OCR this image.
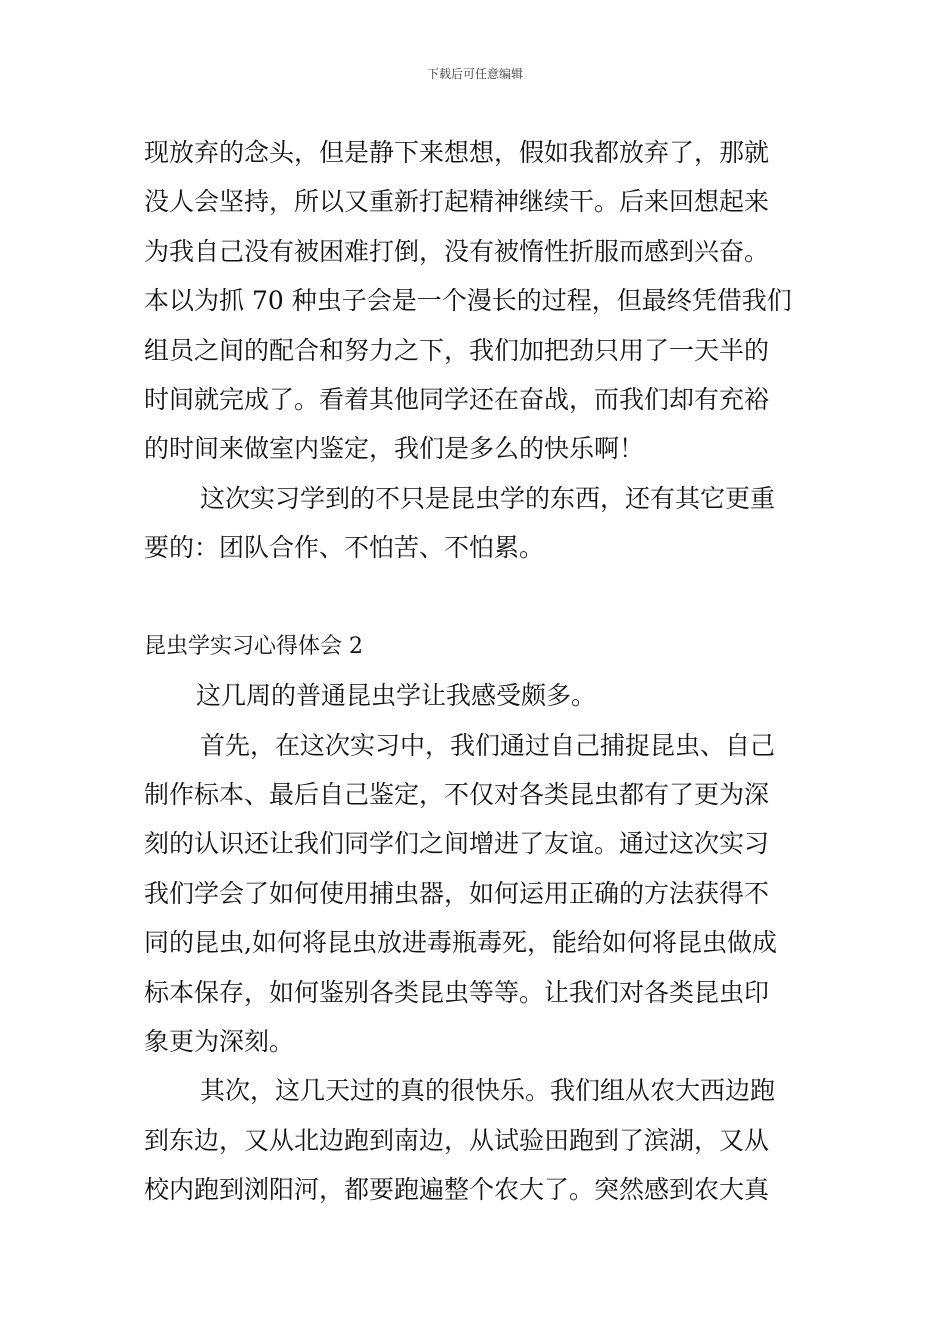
下载后可任意编辑
现放弃的念头，但是静下来想想，假如我都放弃了，那就
没人会坚持，所以又重新打起精神继续干。后来回想起来
为我自己没有被困难打倒，没有被惰性折服而感到兴奋。
本以为抓 70 种虫子会是一个漫长的过程，但最终凭借我们
组员之间的配合和努力之下，我们加把劲只用了一天半的
时间就完成了。看着其他同学还在奋战，而我们却有充裕
的时间来做室内鉴定，我们是多么的快乐啊！
这次实习学到的不只是昆虫学的东西，还有其它更重
要的：团队合作、不怕苦、不怕累。
昆虫学实习心得体会 2
这几周的普通昆虫学让我感受颇多。
首先，在这次实习中，我们通过自己捕捉昆虫、自己
制作标本、最后自己鉴定，不仅对各类昆虫都有了更为深
刻的认识还让我们同学们之间增进了友谊。通过这次实习
我们学会了如何使用捕虫器，如何运用正确的方法获得不
同的昆虫,如何将昆虫放进毒瓶毒死，能给如何将昆虫做成
标本保存，如何鉴别各类昆虫等等。让我们对各类昆虫印
象更为深刻。
其次，这几天过的真的很快乐。我们组从农大西边跑
到东边，又从北边跑到南边，从试验田跑到了滨湖，又从
校内跑到浏阳河，都要跑遍整个农大了。突然感到农大真
